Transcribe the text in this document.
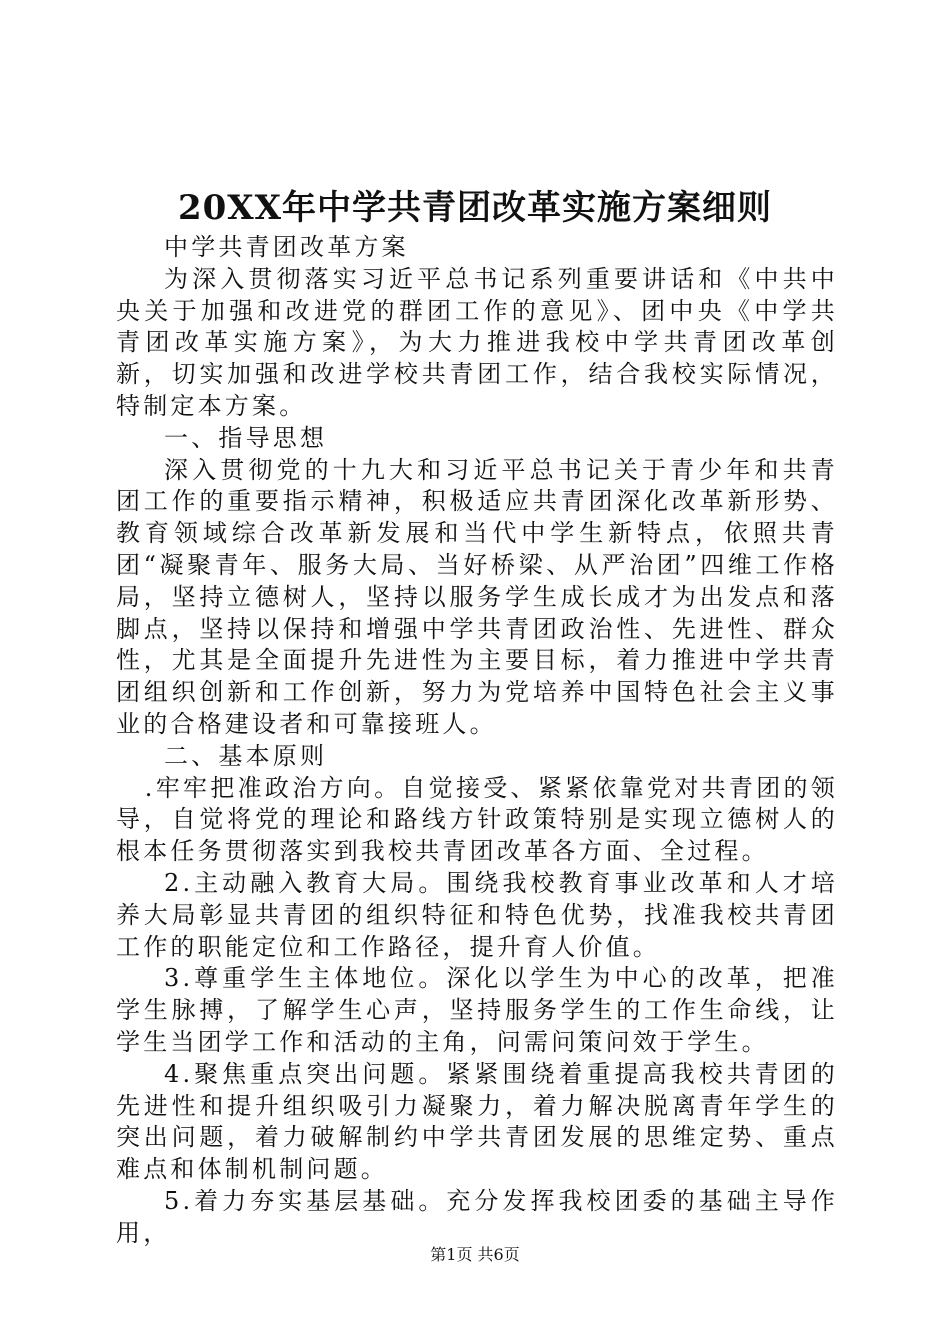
20XX年中学共青团改革实施方案细则

中学共青团改革方案

为深入贯彻落实习近平总书记系列重要讲话和《中共中央关于加强和改进党的群团工作的意见》、团中央《中学共青团改革实施方案》，为大力推进我校中学共青团改革创新，切实加强和改进学校共青团工作，结合我校实际情况，特制定本方案。

一、指导思想

深入贯彻党的十九大和习近平总书记关于青少年和共青团工作的重要指示精神，积极适应共青团深化改革新形势、教育领域综合改革新发展和当代中学生新特点，依照共青团“凝聚青年、服务大局、当好桥梁、从严治团”四维工作格局，坚持立德树人，坚持以服务学生成长成才为出发点和落脚点，坚持以保持和增强中学共青团政治性、先进性、群众性，尤其是全面提升先进性为主要目标，着力推进中学共青团组织创新和工作创新，努力为党培养中国特色社会主义事业的合格建设者和可靠接班人。

二、基本原则

.牢牢把准政治方向。自觉接受、紧紧依靠党对共青团的领导，自觉将党的理论和路线方针政策特别是实现立德树人的根本任务贯彻落实到我校共青团改革各方面、全过程。

2.主动融入教育大局。围绕我校教育事业改革和人才培养大局彰显共青团的组织特征和特色优势，找准我校共青团工作的职能定位和工作路径，提升育人价值。

3.尊重学生主体地位。深化以学生为中心的改革，把准学生脉搏，了解学生心声，坚持服务学生的工作生命线，让学生当团学工作和活动的主角，问需问策问效于学生。

4.聚焦重点突出问题。紧紧围绕着重提高我校共青团的先进性和提升组织吸引力凝聚力，着力解决脱离青年学生的突出问题，着力破解制约中学共青团发展的思维定势、重点难点和体制机制问题。

5.着力夯实基层基础。充分发挥我校团委的基础主导作用，

第1页 共6页
